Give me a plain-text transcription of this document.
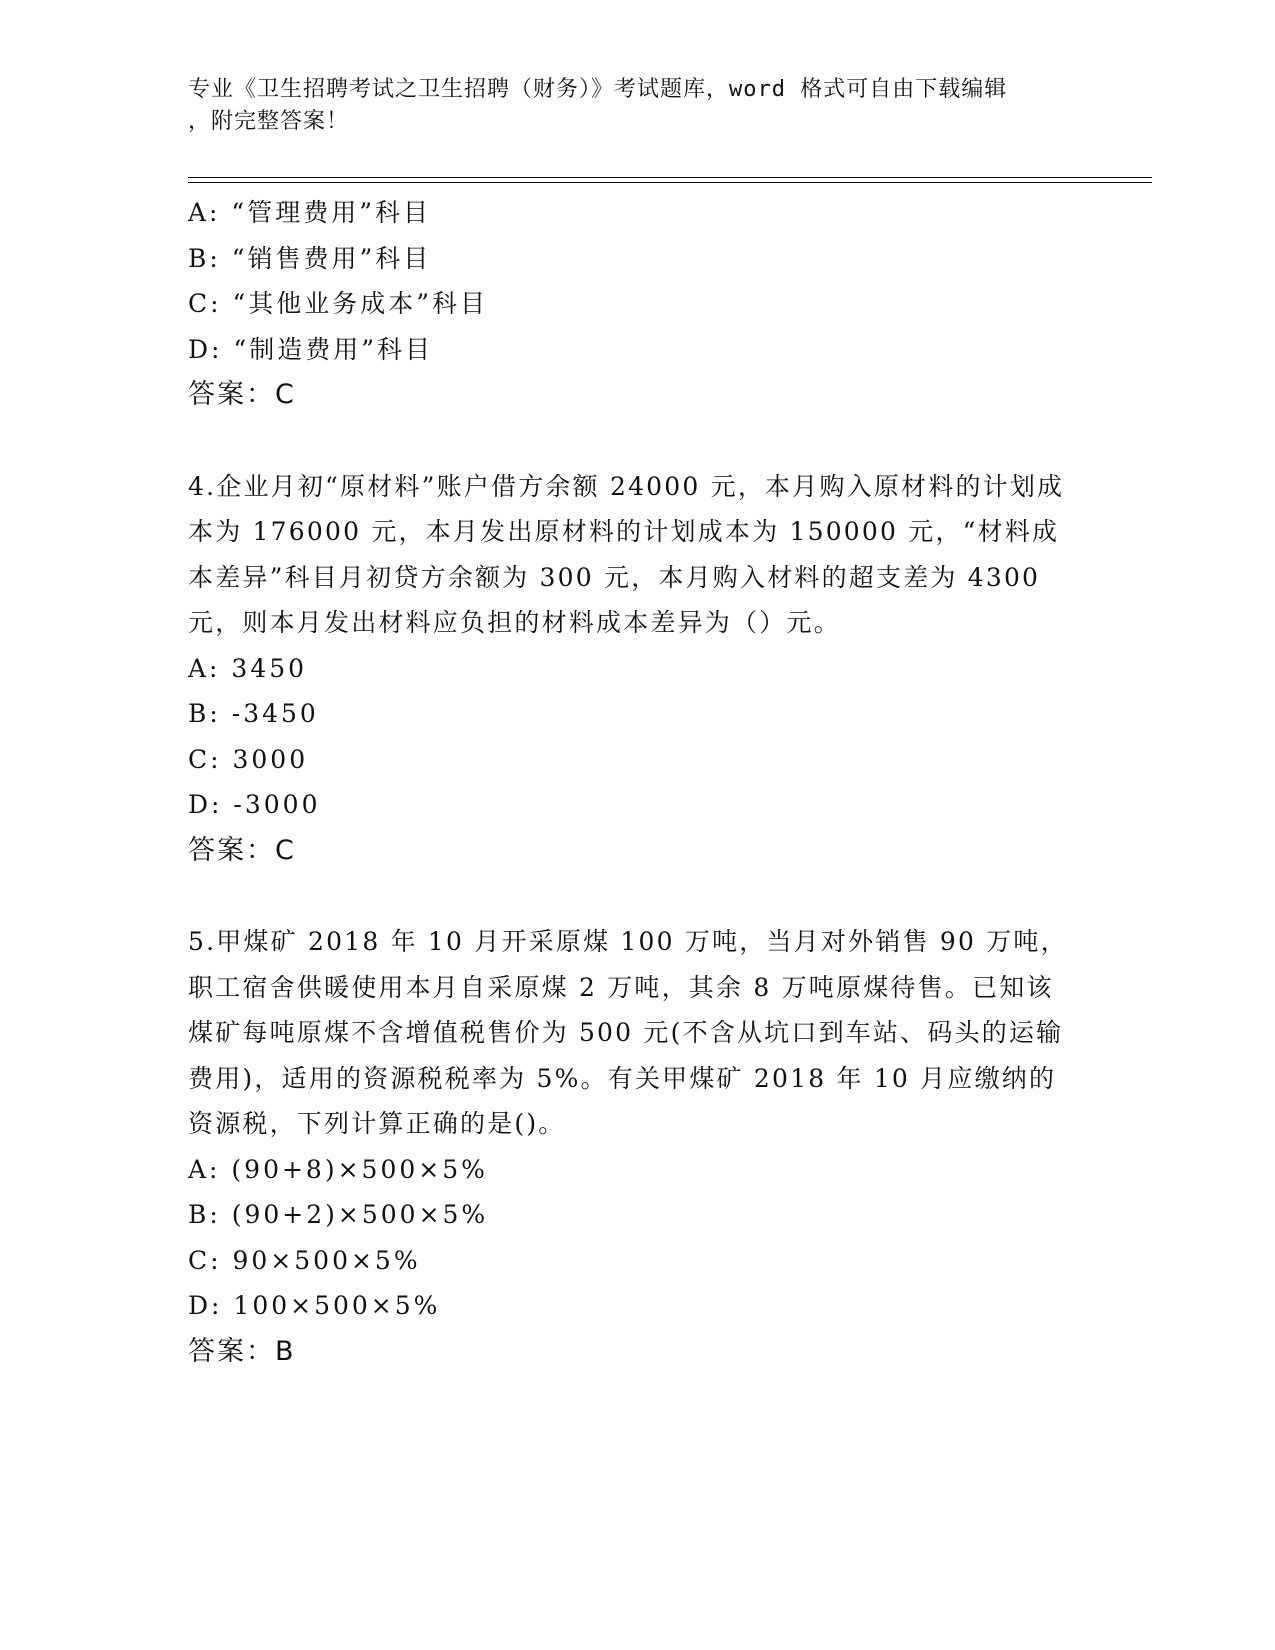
专业《卫生招聘考试之卫生招聘（财务）》考试题库，word 格式可自由下载编辑
，附完整答案！
A: “管理费用”科目
B: “销售费用”科目
C: “其他业务成本”科目
D: “制造费用”科目
答案：C
4.企业月初“原材料”账户借方余额 24000 元，本月购入原材料的计划成本为 176000 元，本月发出原材料的计划成本为 150000 元，“材料成本差异”科目月初贷方余额为 300 元，本月购入材料的超支差为 4300 元，则本月发出材料应负担的材料成本差异为（）元。
A: 3450
B: -3450
C: 3000
D: -3000
答案：C
5.甲煤矿 2018 年 10 月开采原煤 100 万吨，当月对外销售 90 万吨，职工宿舍供暖使用本月自采原煤 2 万吨，其余 8 万吨原煤待售。已知该煤矿每吨原煤不含增值税售价为 500 元(不含从坑口到车站、码头的运输费用)，适用的资源税税率为 5%。有关甲煤矿 2018 年 10 月应缴纳的资源税，下列计算正确的是()。
A: (90+8)×500×5%
B: (90+2)×500×5%
C: 90×500×5%
D: 100×500×5%
答案：B
